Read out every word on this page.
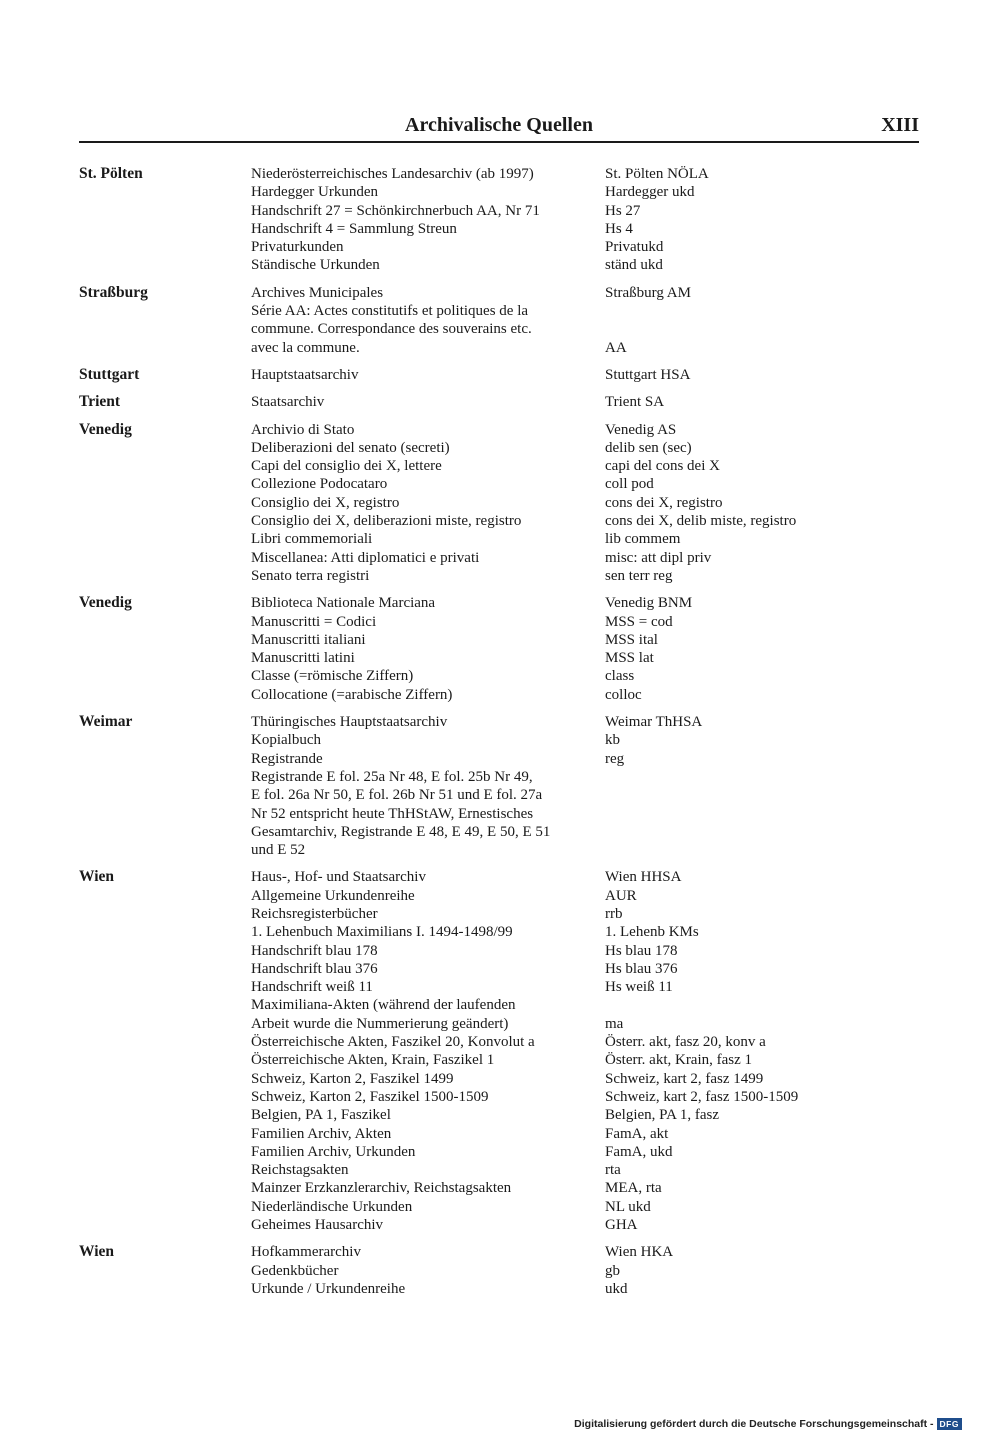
Archivalische Quellen	XIII
St. Pölten	Niederösterreichisches Landesarchiv (ab 1997)	St. Pölten NÖLA
Hardegger Urkunden	Hardegger ukd
Handschrift 27 = Schönkirchnerbuch AA, Nr 71	Hs 27
Handschrift 4 = Sammlung Streun	Hs 4
Privaturkunden	Privatukd
Ständische Urkunden	ständ ukd
Straßburg	Archives Municipales	Straßburg AM
Série AA: Actes constitutifs et politiques de la
commune. Correspondance des souverains etc.
avec la commune.	AA
Stuttgart	Hauptstaatsarchiv	Stuttgart HSA
Trient	Staatsarchiv	Trient SA
Venedig	Archivio di Stato	Venedig AS
Deliberazioni del senato (secreti)	delib sen (sec)
Capi del consiglio dei X, lettere	capi del cons dei X
Collezione Podocataro	coll pod
Consiglio dei X, registro	cons dei X, registro
Consiglio dei X, deliberazioni miste, registro	cons dei X, delib miste, registro
Libri commemoriali	lib commem
Miscellanea: Atti diplomatici e privati	misc: att dipl priv
Senato terra registri	sen terr reg
Venedig	Biblioteca Nationale Marciana	Venedig BNM
Manuscritti = Codici	MSS = cod
Manuscritti italiani	MSS ital
Manuscritti latini	MSS lat
Classe (=römische Ziffern)	class
Collocatione (=arabische Ziffern)	colloc
Weimar	Thüringisches Hauptstaatsarchiv	Weimar ThHSA
Kopialbuch	kb
Registrande	reg
Registrande E fol. 25a Nr 48, E fol. 25b Nr 49,
E fol. 26a Nr 50, E fol. 26b Nr 51 und E fol. 27a
Nr 52 entspricht heute ThHStAW, Ernestisches
Gesamtarchiv, Registrande E 48, E 49, E 50, E 51
und E 52
Wien	Haus-, Hof- und Staatsarchiv	Wien HHSA
Allgemeine Urkundenreihe	AUR
Reichsregisterbücher	rrb
1. Lehenbuch Maximilians I. 1494-1498/99	1. Lehenb KMs
Handschrift blau 178	Hs blau 178
Handschrift blau 376	Hs blau 376
Handschrift weiß 11	Hs weiß 11
Maximiliana-Akten (während der laufenden
Arbeit wurde die Nummerierung geändert)	ma
Österreichische Akten, Faszikel 20, Konvolut a	Österr. akt, fasz 20, konv a
Österreichische Akten, Krain, Faszikel 1	Österr. akt, Krain, fasz 1
Schweiz, Karton 2, Faszikel 1499	Schweiz, kart 2, fasz 1499
Schweiz, Karton 2, Faszikel 1500-1509	Schweiz, kart 2, fasz 1500-1509
Belgien, PA 1, Faszikel	Belgien, PA 1, fasz
Familien Archiv, Akten	FamA, akt
Familien Archiv, Urkunden	FamA, ukd
Reichstagsakten	rta
Mainzer Erzkanzlerarchiv, Reichstagsakten	MEA, rta
Niederländische Urkunden	NL ukd
Geheimes Hausarchiv	GHA
Wien	Hofkammerarchiv	Wien HKA
Gedenkbücher	gb
Urkunde / Urkundenreihe	ukd
Digitalisierung gefördert durch die Deutsche Forschungsgemeinschaft - DFG
